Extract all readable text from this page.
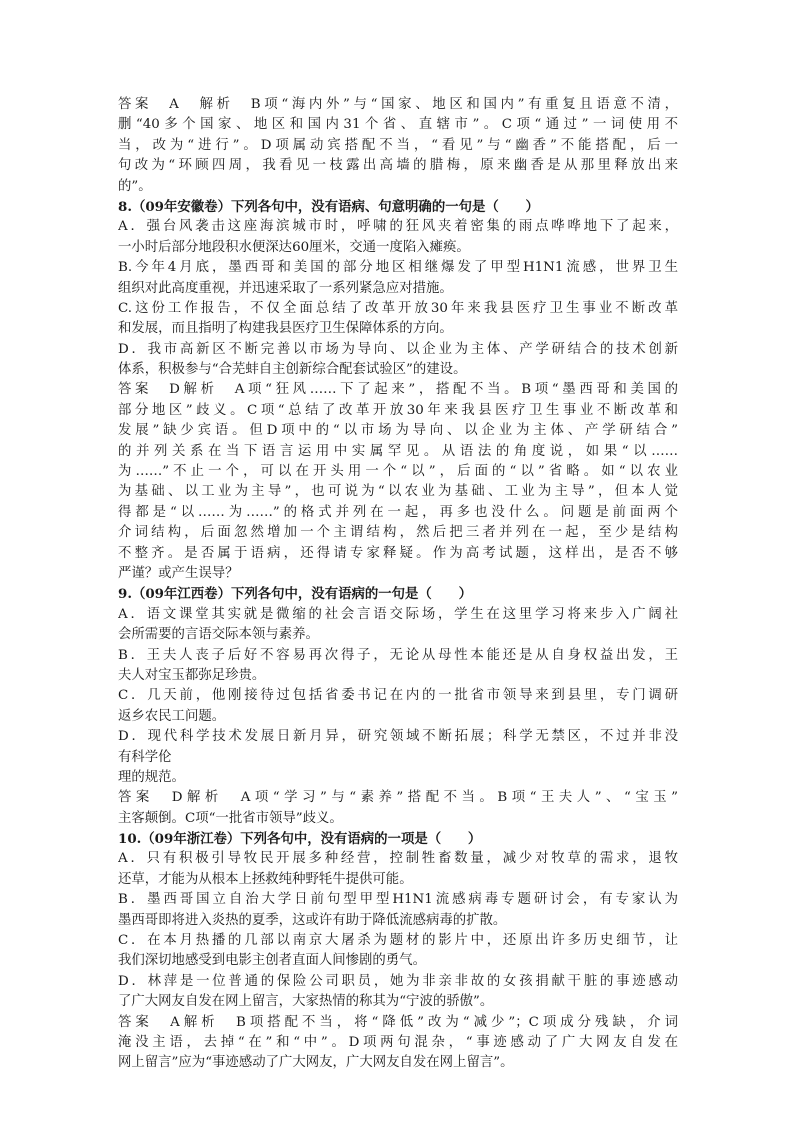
答案　A　解析　B项“海内外”与“国家、地区和国内”有重复且语意不清，
删“40多个国家、地区和国内31个省、直辖市”。C项“通过”一词使用不
当，改为“进行”。D项属动宾搭配不当，“看见”与“幽香”不能搭配，后一
句改为“环顾四周，我看见一枝露出高墙的腊梅，原来幽香是从那里释放出来
的”。
8.（09年安徽卷）下列各句中，没有语病、句意明确的一句是（　　）
A．强台风袭击这座海滨城市时，呼啸的狂风夹着密集的雨点哗哗地下了起来，
一小时后部分地段积水便深达60厘米，交通一度陷入瘫痪。
B.今年4月底，墨西哥和美国的部分地区相继爆发了甲型H1N1流感，世界卫生
组织对此高度重视，并迅速采取了一系列紧急应对措施。
C.这份工作报告，不仅全面总结了改革开放30年来我县医疗卫生事业不断改革
和发展，而且指明了构建我县医疗卫生保障体系的方向。
D．我市高新区不断完善以市场为导向、以企业为主体、产学研结合的技术创新
体系，积极参与“合芜蚌自主创新综合配套试验区”的建设。
答案　D解析　A项“狂风……下了起来”，搭配不当。B项“墨西哥和美国的
部分地区”歧义。C项“总结了改革开放30年来我县医疗卫生事业不断改革和
发展”缺少宾语。但D项中的“以市场为导向、以企业为主体、产学研结合”
的并列关系在当下语言运用中实属罕见。从语法的角度说，如果“以……
为……”不止一个，可以在开头用一个“以”，后面的“以”省略。如“以农业
为基础、以工业为主导”，也可说为“以农业为基础、工业为主导”，但本人觉
得都是“以……为……”的格式并列在一起，再多也没什么。问题是前面两个
介词结构，后面忽然增加一个主谓结构，然后把三者并列在一起，至少是结构
不整齐。是否属于语病，还得请专家释疑。作为高考试题，这样出，是否不够
严谨？或产生误导？
9.（09年江西卷）下列各句中，没有语病的一句是（　　）
A．语文课堂其实就是微缩的社会言语交际场，学生在这里学习将来步入广阔社
会所需要的言语交际本领与素养。
B．王夫人丧子后好不容易再次得子，无论从母性本能还是从自身权益出发，王
夫人对宝玉都弥足珍贵。
C．几天前，他刚接待过包括省委书记在内的一批省市领导来到县里，专门调研
返乡农民工问题。
D．现代科学技术发展日新月异，研究领域不断拓展；科学无禁区，不过并非没
有科学伦
理的规范。
答案　D解析　A项“学习”与“素养”搭配不当。B项“王夫人”、“宝玉”
主客颠倒。C项“一批省市领导”歧义。
10.（09年浙江卷）下列各句中，没有语病的一项是（　　）
A．只有积极引导牧民开展多种经营，控制牲畜数量，减少对牧草的需求，退牧
还草，才能为从根本上拯救纯种野牦牛提供可能。
B．墨西哥国立自治大学日前句型甲型H1N1流感病毒专题研讨会，有专家认为
墨西哥即将进入炎热的夏季，这或许有助于降低流感病毒的扩散。
C．在本月热播的几部以南京大屠杀为题材的影片中，还原出许多历史细节，让
我们深切地感受到电影主创者直面人间惨剧的勇气。
D．林萍是一位普通的保险公司职员，她为非亲非故的女孩捐献干脏的事迹感动
了广大网友自发在网上留言，大家热情的称其为“宁波的骄傲”。
答案　A解析　B项搭配不当，将“降低”改为“减少”；C项成分残缺，介词
淹没主语，去掉“在”和“中”。D项两句混杂，“事迹感动了广大网友自发在
网上留言”应为“事迹感动了广大网友，广大网友自发在网上留言”。
